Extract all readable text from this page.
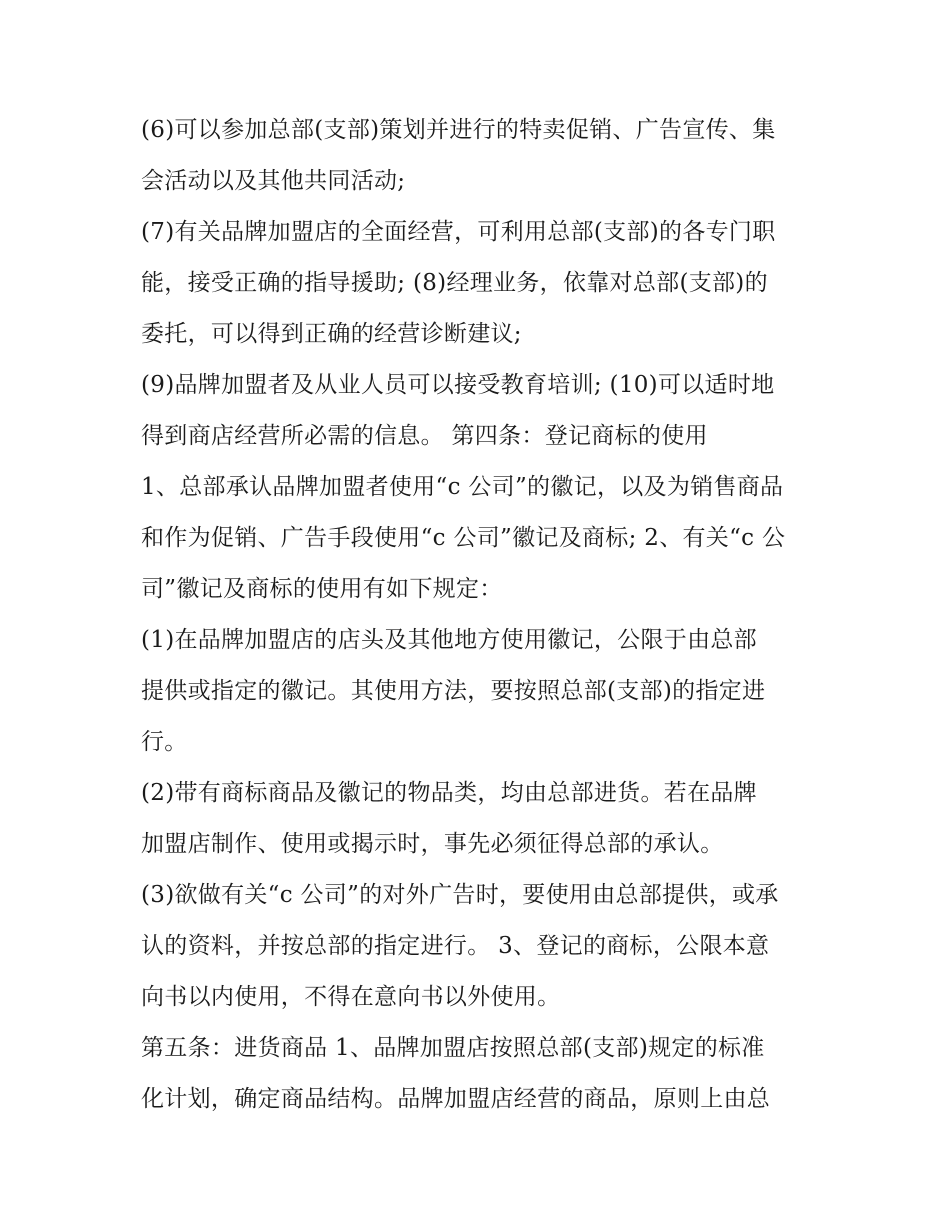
(6)可以参加总部(支部)策划并进行的特卖促销、广告宣传、集
会活动以及其他共同活动;
(7)有关品牌加盟店的全面经营，可利用总部(支部)的各专门职
能，接受正确的指导援助; (8)经理业务，依靠对总部(支部)的
委托，可以得到正确的经营诊断建议;
(9)品牌加盟者及从业人员可以接受教育培训; (10)可以适时地
得到商店经营所必需的信息。 第四条：登记商标的使用
1、总部承认品牌加盟者使用“c 公司”的徽记，以及为销售商品
和作为促销、广告手段使用“c 公司”徽记及商标; 2、有关“c 公
司”徽记及商标的使用有如下规定：
(1)在品牌加盟店的店头及其他地方使用徽记，公限于由总部
提供或指定的徽记。其使用方法，要按照总部(支部)的指定进
行。
(2)带有商标商品及徽记的物品类，均由总部进货。若在品牌
加盟店制作、使用或揭示时，事先必须征得总部的承认。
(3)欲做有关“c 公司”的对外广告时，要使用由总部提供，或承
认的资料，并按总部的指定进行。 3、登记的商标，公限本意
向书以内使用，不得在意向书以外使用。
第五条：进货商品 1、品牌加盟店按照总部(支部)规定的标准
化计划，确定商品结构。品牌加盟店经营的商品，原则上由总
